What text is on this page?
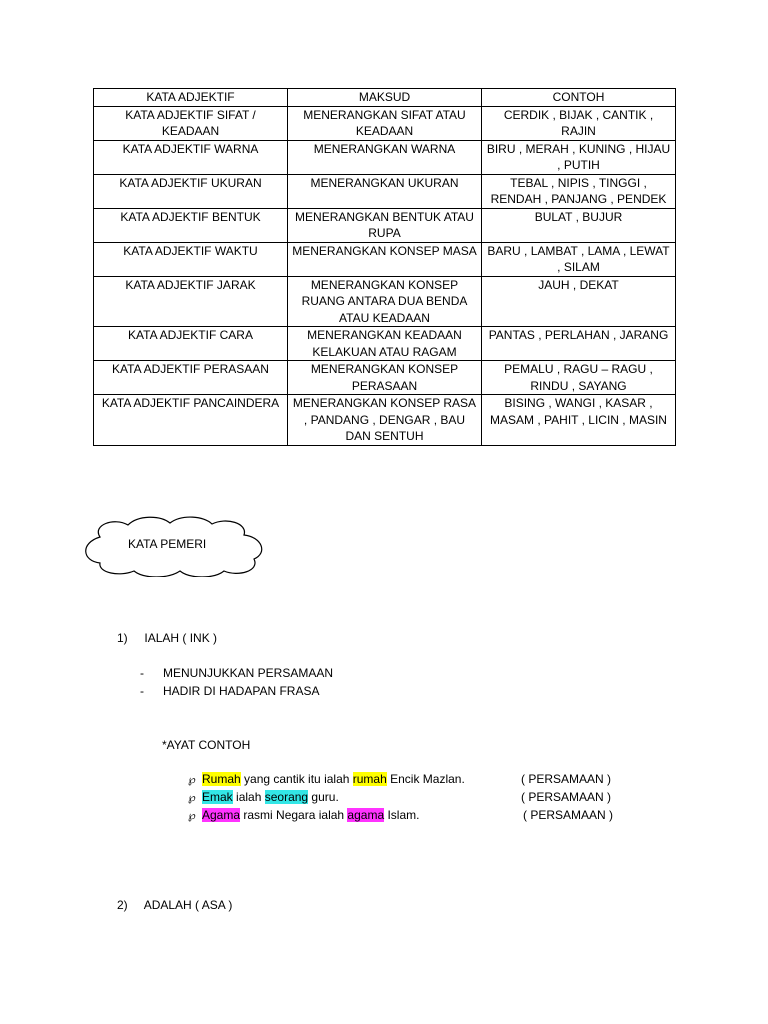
KATA ADJEKTIF	MAKSUD	CONTOH
KATA ADJEKTIF SIFAT / KEADAAN	MENERANGKAN SIFAT ATAU KEADAAN	CERDIK , BIJAK , CANTIK , RAJIN
KATA ADJEKTIF WARNA	MENERANGKAN WARNA	BIRU , MERAH , KUNING , HIJAU , PUTIH
KATA ADJEKTIF UKURAN	MENERANGKAN UKURAN	TEBAL , NIPIS , TINGGI , RENDAH , PANJANG , PENDEK
KATA ADJEKTIF BENTUK	MENERANGKAN BENTUK ATAU RUPA	BULAT , BUJUR
KATA ADJEKTIF WAKTU	MENERANGKAN KONSEP MASA	BARU , LAMBAT , LAMA , LEWAT , SILAM
KATA ADJEKTIF JARAK	MENERANGKAN KONSEP RUANG ANTARA DUA BENDA ATAU KEADAAN	JAUH , DEKAT
KATA ADJEKTIF CARA	MENERANGKAN KEADAAN KELAKUAN ATAU RAGAM	PANTAS , PERLAHAN , JARANG
KATA ADJEKTIF PERASAAN	MENERANGKAN KONSEP PERASAAN	PEMALU , RAGU – RAGU , RINDU , SAYANG
KATA ADJEKTIF PANCAINDERA	MENERANGKAN KONSEP RASA , PANDANG , DENGAR , BAU DAN SENTUH	BISING , WANGI , KASAR , MASAM , PAHIT , LICIN , MASIN
KATA PEMERI
1) IALAH ( INK )
- MENUNJUKKAN PERSAMAAN
- HADIR DI HADAPAN FRASA
*AYAT CONTOH
℘ Rumah yang cantik itu ialah rumah Encik Mazlan.	( PERSAMAAN )
℘ Emak ialah seorang guru.	( PERSAMAAN )
℘ Agama rasmi Negara ialah agama Islam.	( PERSAMAAN )
2) ADALAH ( ASA )
